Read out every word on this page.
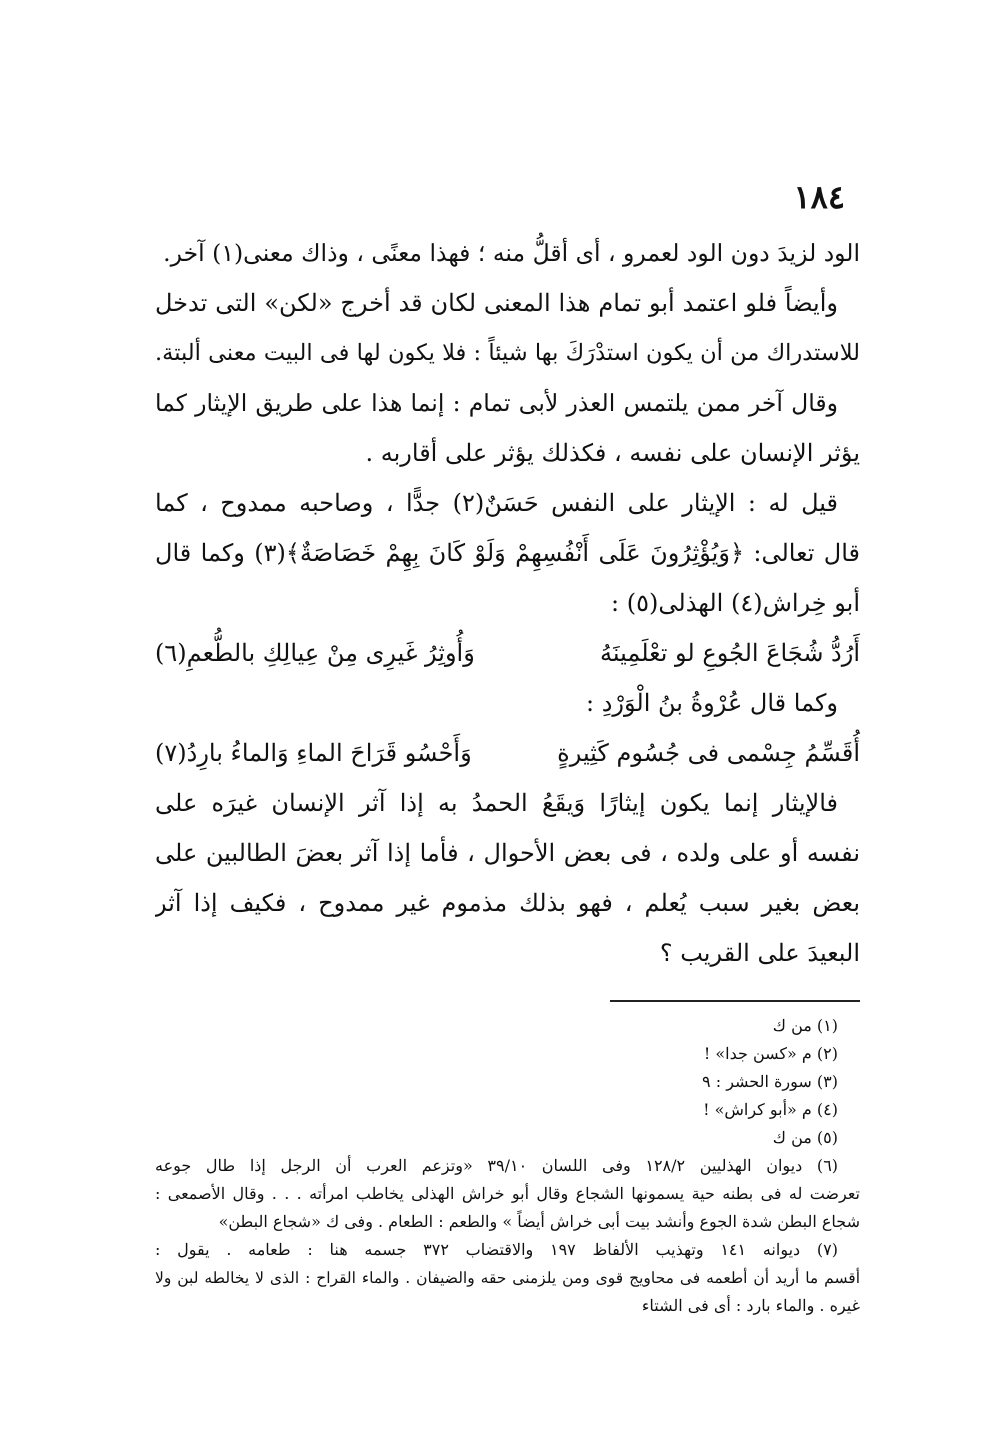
١٨٤
الود لزيدَ دون الود لعمرو ، أى أقلُّ منه ؛ فهذا معنًى ، وذاك معنى(١) آخر.
وأيضاً فلو اعتمد أبو تمام هذا المعنى لكان قد أخرج «لكن» التى تدخل
للاستدراك من أن يكون استدْرَكَ بها شيئاً : فلا يكون لها فى البيت معنى ألبتة.
وقال آخر ممن يلتمس العذر لأبى تمام : إنما هذا على طريق الإيثار كما
يؤثر الإنسان على نفسه ، فكذلك يؤثر على أقاربه .
قيل له : الإيثار على النفس حَسَنٌ(٢) جدًّا ، وصاحبه ممدوح ، كما
قال تعالى: ﴿وَيُؤْثِرُونَ عَلَى أَنْفُسِهِمْ وَلَوْ كَانَ بِهِمْ خَصَاصَةٌ﴾(٣) وكما قال
أبو خِراش(٤) الهذلى(٥) :
أَرُدُّ شُجَاعَ الجُوعِ لو تعْلَمِينَهُ
وَأُوثِرُ غَيرِى مِنْ عِيالِكِ بالطُّعمِ(٦)
وكما قال عُرْوةُ بنُ الْوَرْدِ :
أُقَسِّمُ جِسْمى فى جُسُوم كَثِيرةٍ
وَأَحْسُو قَرَاحَ الماءِ وَالماءُ بارِدُ(٧)
فالإيثار إنما يكون إيثارًا وَيقَعُ الحمدُ به إذا آثر الإنسان غيرَه على
نفسه أو على ولده ، فى بعض الأحوال ، فأما إذا آثر بعضَ الطالبين على
بعض بغير سبب يُعلم ، فهو بذلك مذموم غير ممدوح ، فكيف إذا آثر
البعيدَ على القريب ؟
(١) من ك
(٢) م «كسن جدا» !
(٣) سورة الحشر : ٩
(٤) م «أبو كراش» !
(٥) من ك
(٦) ديوان الهذليين ١٢٨/٢ وفى اللسان ٣٩/١٠ «وتزعم العرب أن الرجل إذا طال جوعه
تعرضت له فى بطنه حية يسمونها الشجاع وقال أبو خراش الهذلى يخاطب امرأته . . . وقال الأصمعى :
شجاع البطن شدة الجوع وأنشد بيت أبى خراش أيضاً » والطعم : الطعام . وفى ك «شجاع البطن»
(٧) ديوانه ١٤١ وتهذيب الألفاظ ١٩٧ والاقتضاب ٣٧٢ جسمه هنا : طعامه . يقول :
أقسم ما أريد أن أطعمه فى محاويج قوى ومن يلزمنى حقه والضيفان . والماء القراح : الذى لا يخالطه لبن ولا
غيره . والماء بارد : أى فى الشتاء
